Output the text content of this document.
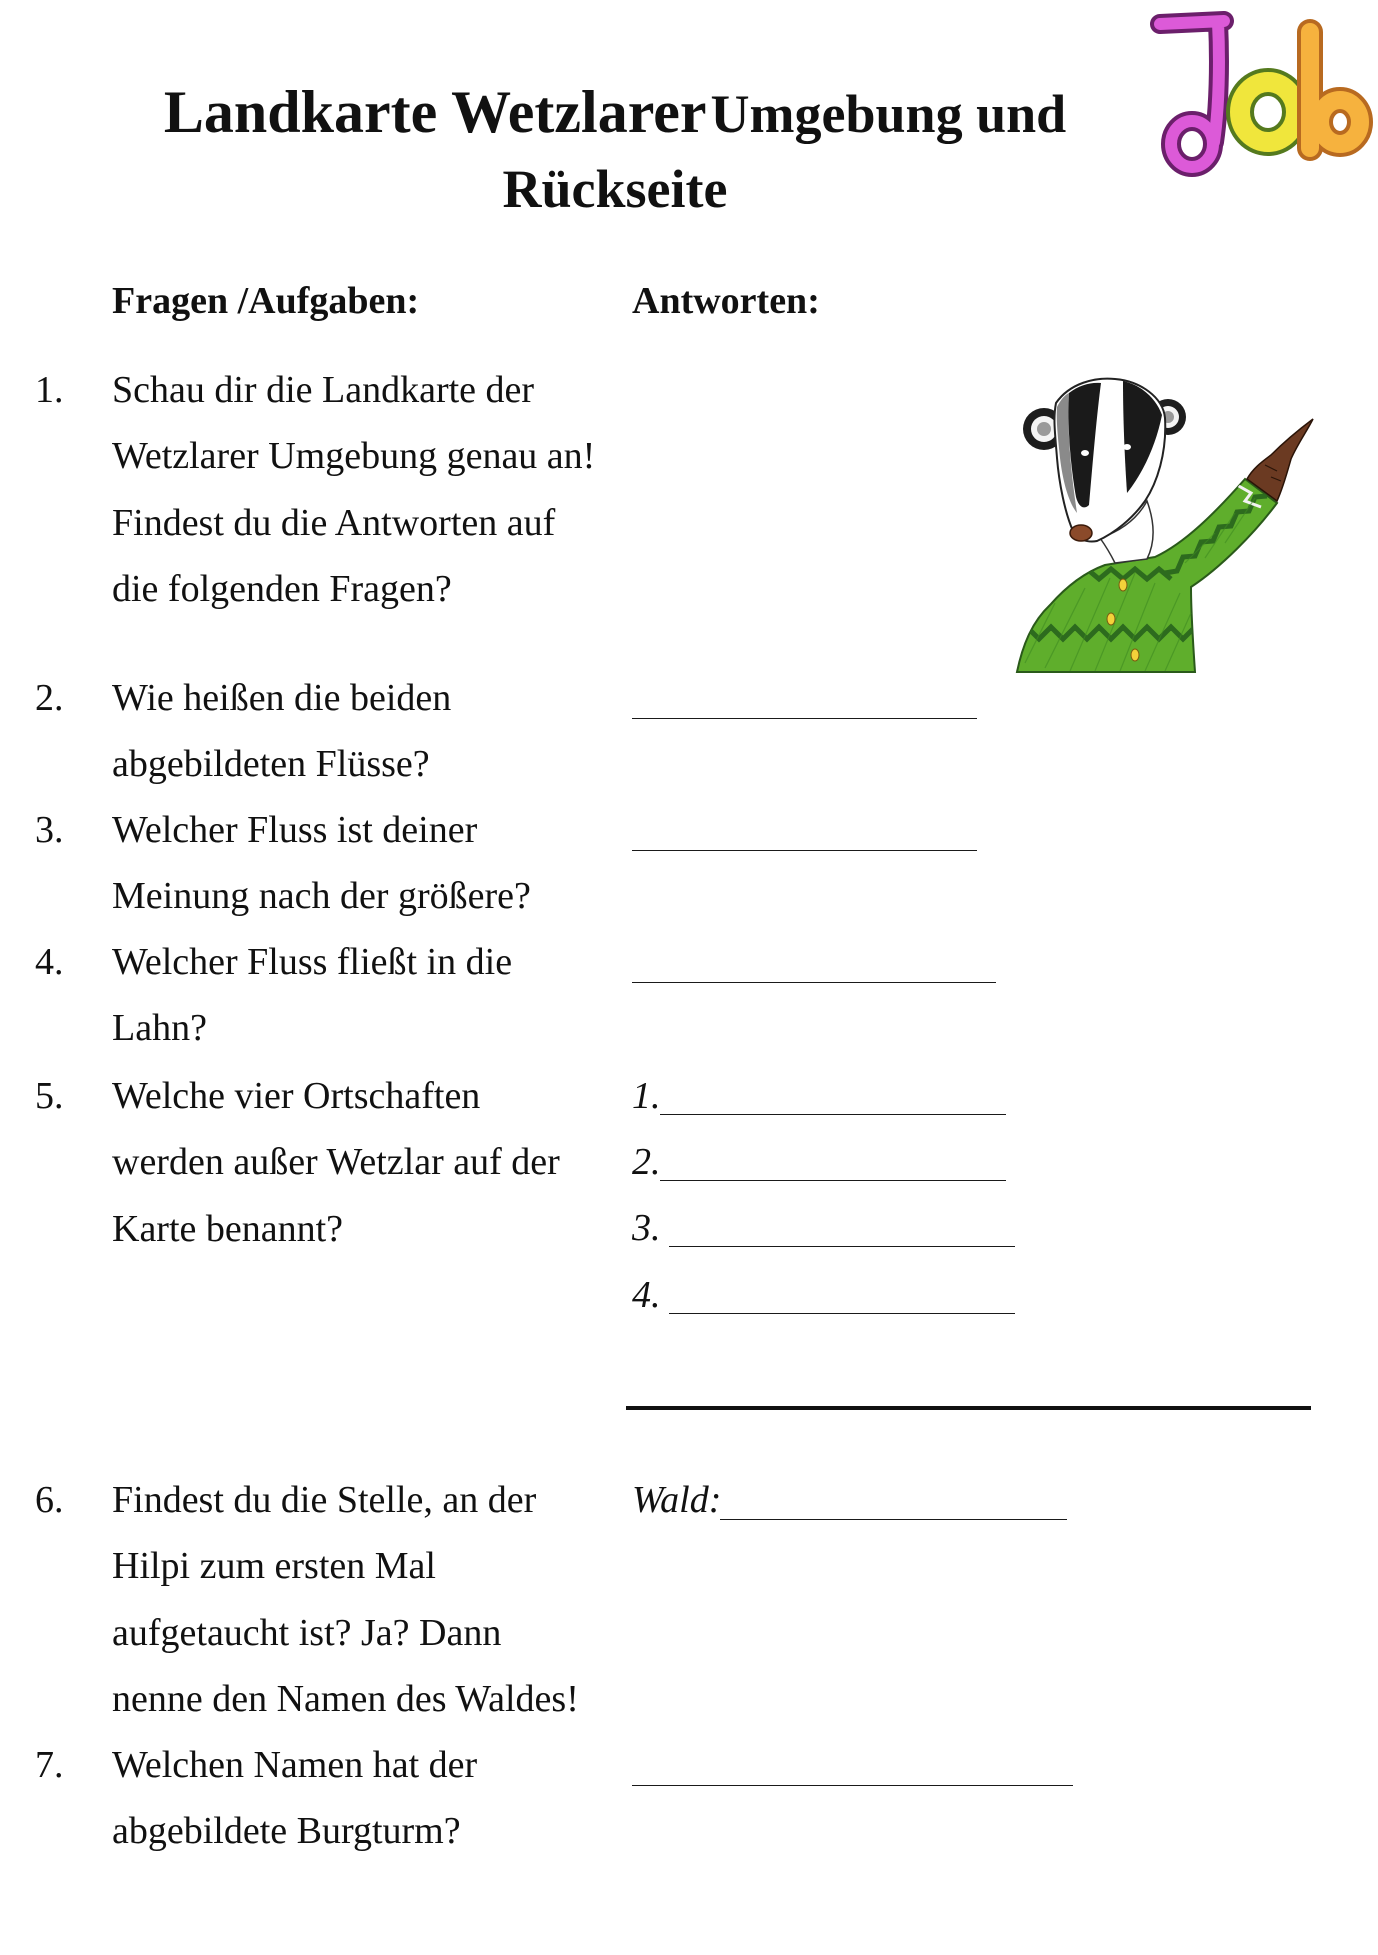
Landkarte Wetzlarer Umgebung und
Rückseite
Fragen /Aufgaben:	Antworten:
1. Schau dir die Landkarte der
Wetzlarer Umgebung genau an!
Findest du die Antworten auf
die folgenden Fragen?
2. Wie heißen die beiden
abgebildeten Flüsse?
3. Welcher Fluss ist deiner
Meinung nach der größere?
4. Welcher Fluss fließt in die
Lahn?
5. Welche vier Ortschaften
werden außer Wetzlar auf der
Karte benannt?
1.
2.
3.
4.
6. Findest du die Stelle, an der
Hilpi zum ersten Mal
aufgetaucht ist? Ja? Dann
nenne den Namen des Waldes!
Wald:
7. Welchen Namen hat der
abgebildete Burgturm?
